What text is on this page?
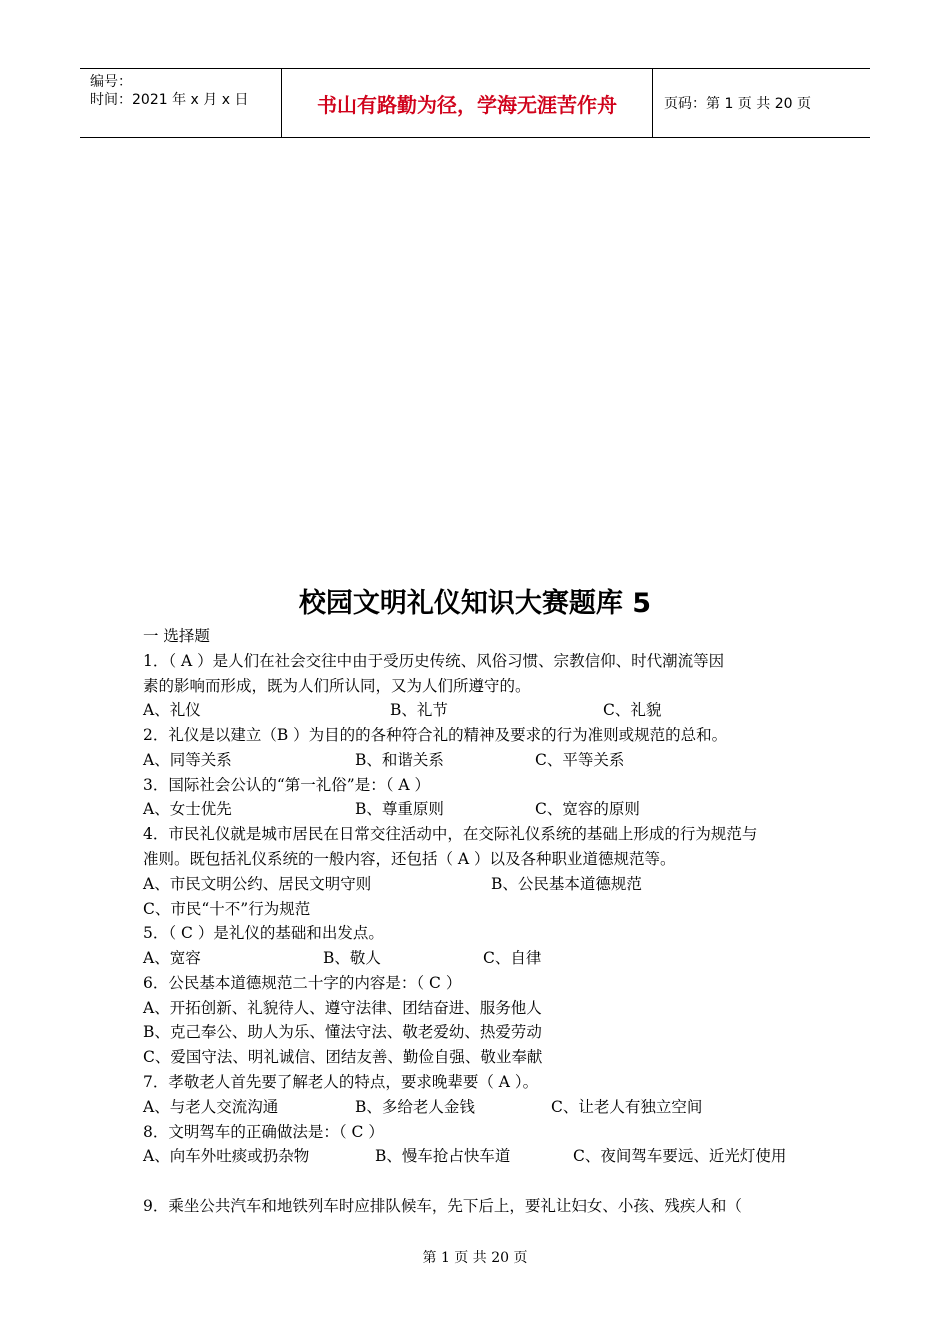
编号：
时间：2021 年 x 月 x 日	书山有路勤为径，学海无涯苦作舟	页码：第 1 页 共 20 页
校园文明礼仪知识大赛题库 5
一 选择题
1．（ A ）是人们在社会交往中由于受历史传统、风俗习惯、宗教信仰、时代潮流等因
素的影响而形成，既为人们所认同，又为人们所遵守的。
A、礼仪	B、礼节	C、礼貌
2．礼仪是以建立（B ）为目的的各种符合礼的精神及要求的行为准则或规范的总和。
A、同等关系	B、和谐关系	C、平等关系
3．国际社会公认的“第一礼俗”是：（ A ）
A、女士优先	B、尊重原则	C、宽容的原则
4．市民礼仪就是城市居民在日常交往活动中，在交际礼仪系统的基础上形成的行为规范与
准则。既包括礼仪系统的一般内容，还包括（ A ）以及各种职业道德规范等。
A、市民文明公约、居民文明守则	B、公民基本道德规范
C、市民“十不”行为规范
5．（ C ）是礼仪的基础和出发点。
A、宽容	B、敬人	C、自律
6．公民基本道德规范二十字的内容是：（ C ）
A、开拓创新、礼貌待人、遵守法律、团结奋进、服务他人
B、克己奉公、助人为乐、懂法守法、敬老爱幼、热爱劳动
C、爱国守法、明礼诚信、团结友善、勤俭自强、敬业奉献
7．孝敬老人首先要了解老人的特点，要求晚辈要（ A ）。
A、与老人交流沟通	B、多给老人金钱	C、让老人有独立空间
8．文明驾车的正确做法是：（ C ）
A、向车外吐痰或扔杂物	B、慢车抢占快车道	C、夜间驾车要远、近光灯使用
9．乘坐公共汽车和地铁列车时应排队候车，先下后上，要礼让妇女、小孩、残疾人和（
第 1 页 共 20 页
